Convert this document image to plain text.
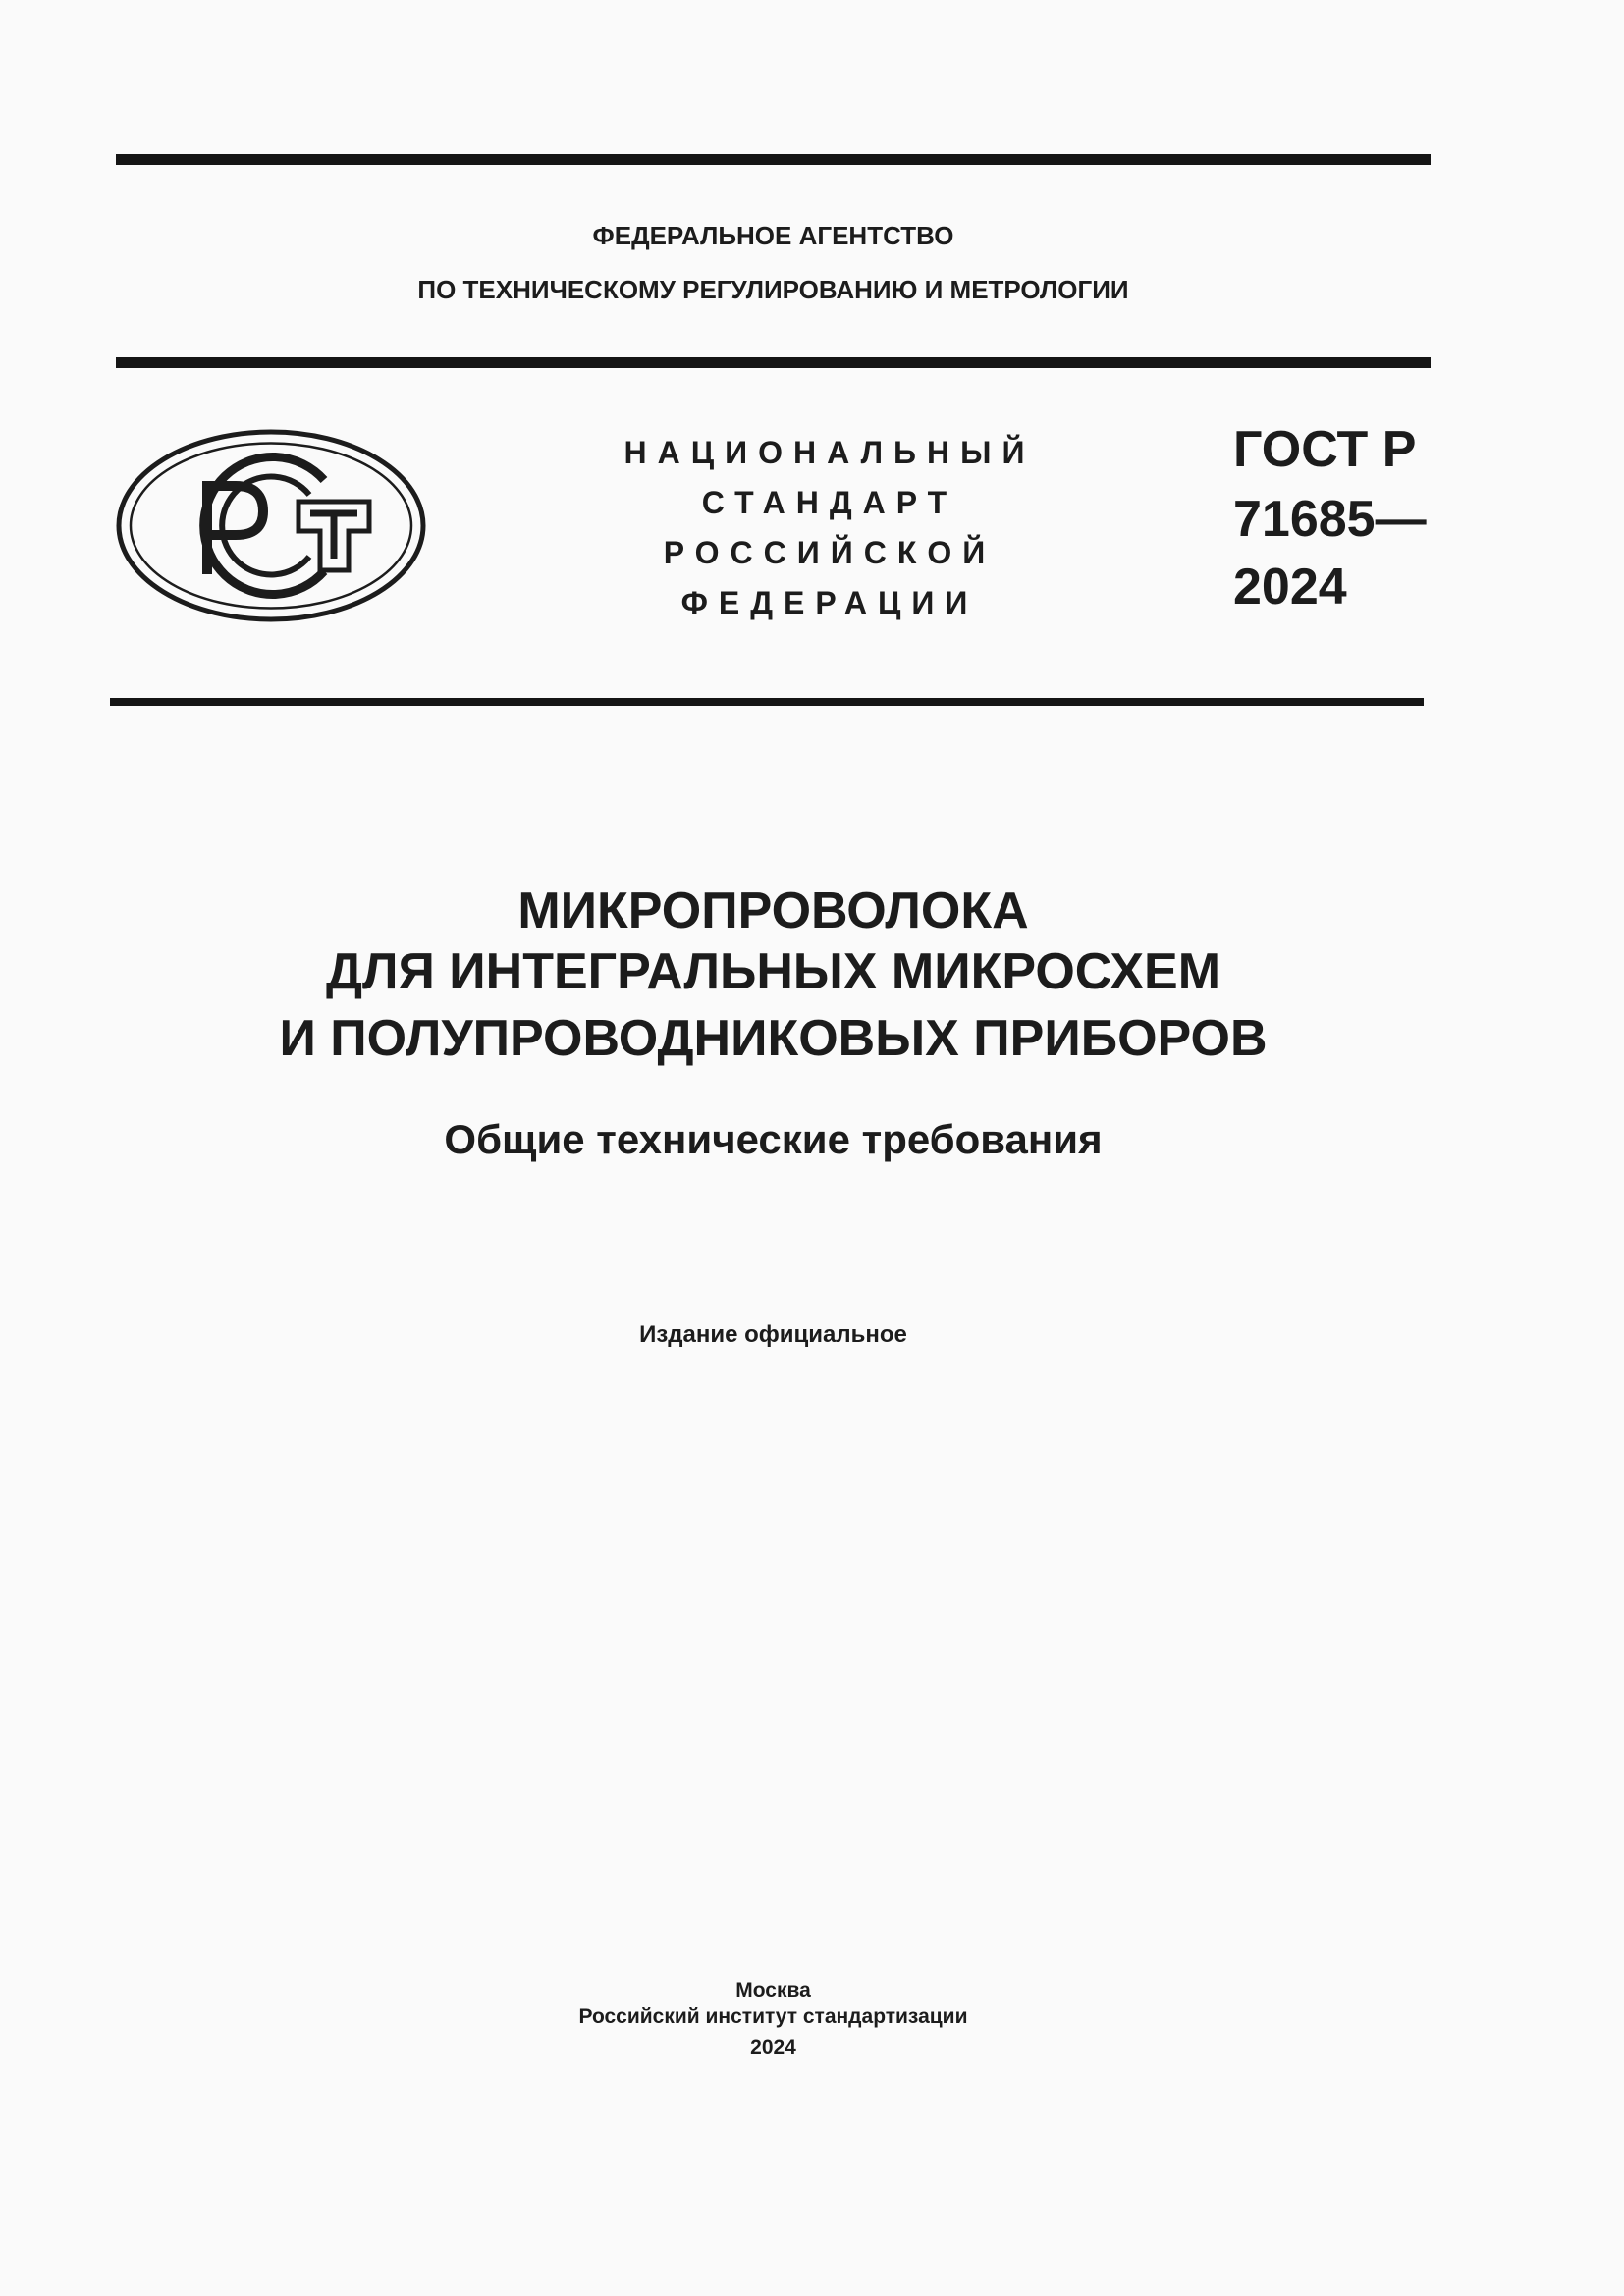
ФЕДЕРАЛЬНОЕ АГЕНТСТВО
ПО ТЕХНИЧЕСКОМУ РЕГУЛИРОВАНИЮ И МЕТРОЛОГИИ
НАЦИОНАЛЬНЫЙ
СТАНДАРТ
РОССИЙСКОЙ
ФЕДЕРАЦИИ
ГОСТ Р
71685—
2024
МИКРОПРОВОЛОКА
ДЛЯ ИНТЕГРАЛЬНЫХ МИКРОСХЕМ
И ПОЛУПРОВОДНИКОВЫХ ПРИБОРОВ
Общие технические требования
Издание официальное
Москва
Российский институт стандартизации
2024
